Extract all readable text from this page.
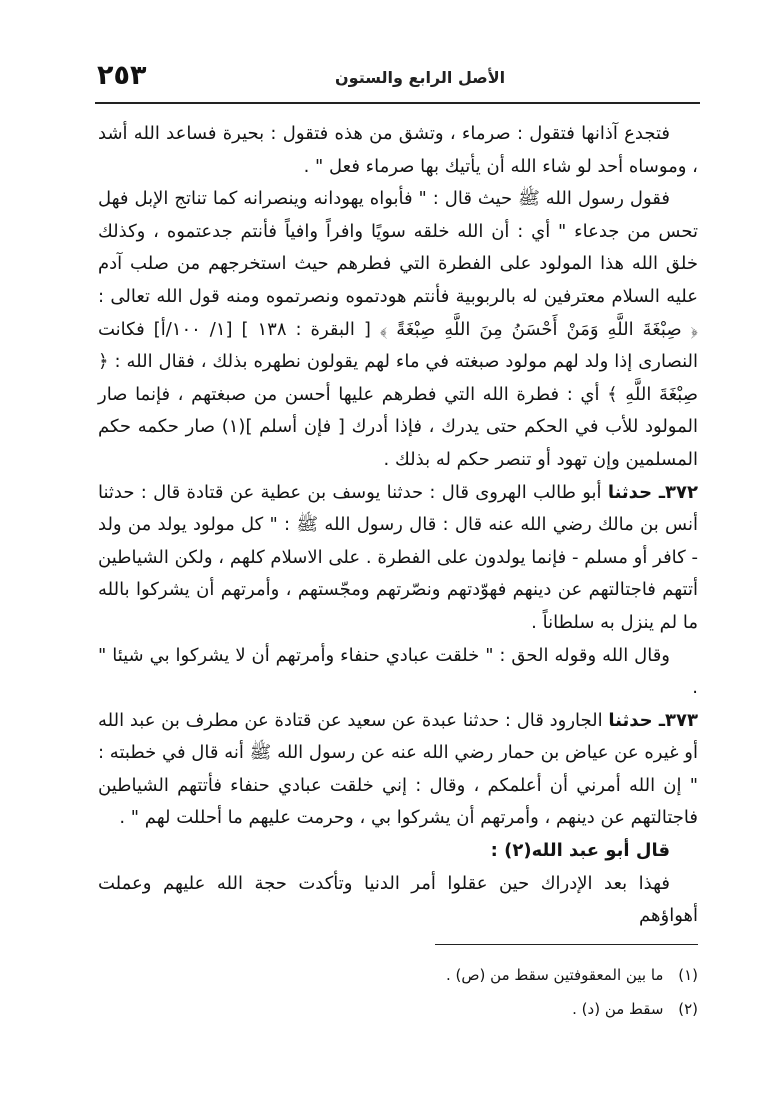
٢٥٣	الأصل الرابع والستون

فتجدع آذانها فتقول : صرماء ، وتشق من هذه فتقول : بحيرة فساعد الله أشد ، وموساه أحد لو شاء الله أن يأتيك بها صرماء فعل " .

فقول رسول الله ﷺ حيث قال : " فأبواه يهودانه وينصرانه كما تناتج الإبل فهل تحس من جدعاء " أي : أن الله خلقه سويًا وافراً وافياً فأنتم جدعتموه ، وكذلك خلق الله هذا المولود على الفطرة التي فطرهم حيث استخرجهم من صلب آدم عليه السلام معترفين له بالربوبية فأنتم هودتموه ونصرتموه ومنه قول الله تعالى : ﴿ صِبْغَةَ اللَّهِ وَمَنْ أَحْسَنُ مِنَ اللَّهِ صِبْغَةً ﴾ [ البقرة : ١٣٨ ] [١/ ١٠٠/أ] فكانت النصارى إذا ولد لهم مولود صبغته في ماء لهم يقولون نطهره بذلك ، فقال الله : ﴿ صِبْغَةَ اللَّهِ ﴾ أي : فطرة الله التي فطرهم عليها أحسن من صبغتهم ، فإنما صار المولود للأب في الحكم حتى يدرك ، فإذا أدرك [ فإن أسلم ](١) صار حكمه حكم المسلمين وإن تهود أو تنصر حكم له بذلك .

٣٧٢ـ حدثنا أبو طالب الهروى قال : حدثنا يوسف بن عطية عن قتادة قال : حدثنا أنس بن مالك رضي الله عنه قال : قال رسول الله ﷺ : " كل مولود يولد من ولد - كافر أو مسلم - فإنما يولدون على الفطرة . على الاسلام كلهم ، ولكن الشياطين أتتهم فاجتالتهم عن دينهم فهوّدتهم ونصّرتهم ومجّستهم ، وأمرتهم أن يشركوا بالله ما لم ينزل به سلطاناً .

وقال الله وقوله الحق : " خلقت عبادي حنفاء وأمرتهم أن لا يشركوا بي شيئا " .

٣٧٣ـ حدثنا الجارود قال : حدثنا عبدة عن سعيد عن قتادة عن مطرف بن عبد الله أو غيره عن عياض بن حمار رضي الله عنه عن رسول الله ﷺ أنه قال في خطبته : " إن الله أمرني أن أعلمكم ، وقال : إني خلقت عبادي حنفاء فأتتهم الشياطين فاجتالتهم عن دينهم ، وأمرتهم أن يشركوا بي ، وحرمت عليهم ما أحللت لهم " .

قال أبو عبد الله(٢) :

فهذا بعد الإدراك حين عقلوا أمر الدنيا وتأكدت حجة الله عليهم وعملت أهواؤهم

(١) ما بين المعقوفتين سقط من (ص) .
(٢) سقط من (د) .
